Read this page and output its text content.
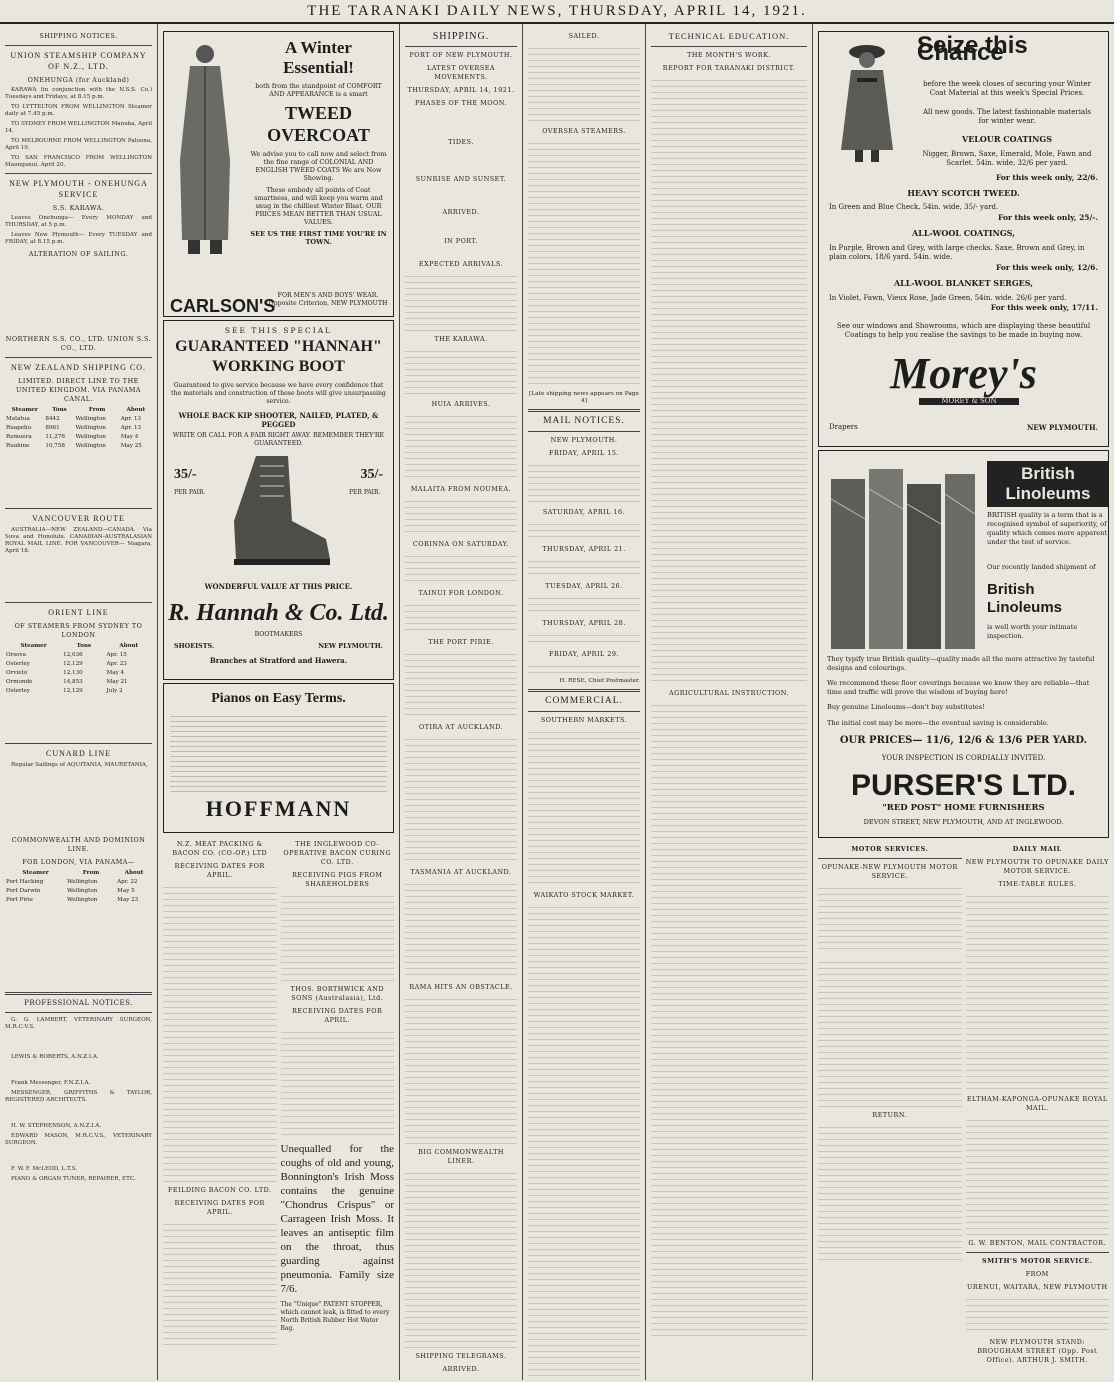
THE TARANAKI DAILY NEWS, THURSDAY, APRIL 14, 1921.
SHIPPING NOTICES.
UNION STEAMSHIP COMPANY OF N.Z., LTD.
ONEHUNGA (for Auckland)
KARAWA (in conjunction with the N.S.S. Co.) Tuesdays and Fridays, at 8.15 p.m.
TO LYTTELTON FROM WELLINGTON Steamer daily at 7.45 p.m.
TO SYDNEY FROM WELLINGTON Manuka, April 14.
TO MELBOURNE FROM WELLINGTON Paloona, April 19.
TO SAN FRANCISCO FROM WELLINGTON Maunganui, April 20.
NEW PLYMOUTH - ONEHUNGA SERVICE
S.S. KARAWA.
Leaves Onehunga— Every MONDAY and THURSDAY, at 5 p.m.
Leaves New Plymouth— Every TUESDAY and FRIDAY, at 8.15 p.m.
ALTERATION OF SAILING.
NORTHERN S.S. CO., LTD. UNION S.S. CO., LTD.
NEW ZEALAND SHIPPING CO.
LIMITED. DIRECT LINE TO THE UNITED KINGDOM. VIA PANAMA CANAL.
Steamer	Tons	From	About
Matatua	8442	Wellington	Apr. 13
Ruapehu	8961	Wellington	Apr. 13
Remuera	11,276	Wellington	May 4
Ruahine	10,758	Wellington	May 25
VANCOUVER ROUTE
AUSTRALIA—NEW ZEALAND—CANADA. Via Suva and Honolulu. CANADIAN-AUSTRALASIAN ROYAL MAIL LINE. FOR VANCOUVER— Niagara, April 18.
ORIENT LINE
OF STEAMERS FROM SYDNEY TO LONDON
Steamer	Tons	About
Orsova	12,036	Apr. 15
Osterley	12,129	Apr. 23
Orvieto	12,130	May 4
Ormonde	14,853	May 21
Osterley	12,129	July 2
CUNARD LINE
Regular Sailings of AQUITANIA, MAURETANIA,
COMMONWEALTH AND DOMINION LINE.
FOR LONDON, VIA PANAMA—
Steamer	From	About
Port Hacking	Wellington	Apr. 22
Port Darwin	Wellington	May 5
Port Pirie	Wellington	May 23
PROFESSIONAL NOTICES.
G. G. LAMBERT, VETERINARY SURGEON, M.R.C.V.S.
LEWIS & ROBERTS, A.N.Z.I.A.
Frank Messenger, F.N.Z.I.A.
MESSENGER, GRIFFITHS & TAYLOR, REGISTERED ARCHITECTS.
H. W. STEPHENSON, A.N.Z.I.A.
EDWARD MASON, M.R.C.V.S., VETERINARY SURGEON.
F. W. F. McLEOD, L.T.S.
PIANO & ORGAN TUNER, REPAIRER, ETC.
A Winter Essential!
both from the standpoint of COMFORT AND APPEARANCE is a smart
TWEED OVERCOAT
We advise you to call now and select from the fine range of COLONIAL AND ENGLISH TWEED COATS We are Now Showing.
These embody all points of Coat smartness, and will keep you warm and snug in the chilliest Winter Blast. OUR PRICES MEAN BETTER THAN USUAL VALUES.
SEE US THE FIRST TIME YOU'RE IN TOWN.
CARLSON'S
FOR MEN'S AND BOYS' WEAR. Opposite Criterion, NEW PLYMOUTH
SEE THIS SPECIAL
GUARANTEED "HANNAH" WORKING BOOT
Guaranteed to give service because we have every confidence that the materials and construction of these boots will give unsurpassing service.
WHOLE BACK KIP SHOOTER, NAILED, PLATED, & PEGGED
WRITE OR CALL FOR A FAIR RIGHT AWAY. REMEMBER THEY'RE GUARANTEED.
35/-
PER PAIR.
35/-
PER PAIR.
WONDERFUL VALUE AT THIS PRICE.
R. Hannah & Co. Ltd.
BOOTMAKERS
SHOEISTS.	NEW PLYMOUTH.
Branches at Stratford and Hawera.
Pianos on Easy Terms.
HOFFMANN
N.Z. MEAT PACKING & BACON CO. (CO-OP.) LTD
RECEIVING DATES FOR APRIL.
FEILDING BACON CO. LTD.
RECEIVING DATES FOR APRIL.
THE INGLEWOOD CO-OPERATIVE BACON CURING CO. LTD.
RECEIVING PIGS FROM SHAREHOLDERS
THOS. BORTHWICK AND SONS (Australasia), Ltd.
RECEIVING DATES FOR APRIL.
Unequalled for the coughs of old and young, Bonnington's Irish Moss contains the genuine "Chondrus Crispus" or Carrageen Irish Moss. It leaves an antiseptic film on the throat, thus guarding against pneumonia. Family size 7/6.
The "Unique" PATENT STOPPER, which cannot leak, is fitted to every North British Rubber Hot Water Bag.
SHIPPING.
PORT OF NEW PLYMOUTH.
LATEST OVERSEA MOVEMENTS.
THURSDAY, APRIL 14, 1921.
PHASES OF THE MOON.
TIDES.
SUNRISE AND SUNSET.
ARRIVED.
IN PORT.
EXPECTED ARRIVALS.
THE KARAWA.
HUIA ARRIVES.
MALAITA FROM NOUMEA.
CORINNA ON SATURDAY.
TAINUI FOR LONDON.
THE PORT PIRIE.
OTIRA AT AUCKLAND.
TASMANIA AT AUCKLAND.
RAMA HITS AN OBSTACLE.
BIG COMMONWEALTH LINER.
SHIPPING TELEGRAMS.
ARRIVED.
SAILED.
OVERSEA STEAMERS.
[Late shipping news appears on Page 4]
MAIL NOTICES.
NEW PLYMOUTH.
FRIDAY, APRIL 15.
SATURDAY, APRIL 16.
THURSDAY, APRIL 21.
TUESDAY, APRIL 26.
THURSDAY, APRIL 28.
FRIDAY, APRIL 29.
H. RESE, Chief Postmaster.
COMMERCIAL.
SOUTHERN MARKETS.
WAIKATO STOCK MARKET.
TECHNICAL EDUCATION.
THE MONTH'S WORK.
REPORT FOR TARANAKI DISTRICT.
AGRICULTURAL INSTRUCTION.
Seize this Chance
before the week closes of securing your Winter Coat Material at this week's Special Prices.
All new goods. The latest fashionable materials for winter wear.
VELOUR COATINGS
Nigger, Brown, Saxe, Emerald, Mole, Fawn and Scarlet. 54in. wide, 32/6 per yard.
For this week only, 22/6.
HEAVY SCOTCH TWEED.
In Green and Blue Check, 54in. wide, 35/- yard.
For this week only, 25/-.
ALL-WOOL COATINGS,
In Purple, Brown and Grey, with large checks. Saxe, Brown and Grey, in plain colors, 18/6 yard. 54in. wide.
For this week only, 12/6.
ALL-WOOL BLANKET SERGES,
In Violet, Fawn, Vieux Rose, Jade Green, 54in. wide. 26/6 per yard.
For this week only, 17/11.
See our windows and Showrooms, which are displaying these beautiful Coatings to help you realise the savings to be made in buying now.
Morey's
MOREY & SON
Drapers	NEW PLYMOUTH.
British Linoleums
BRITISH quality is a term that is a recognised symbol of superiority, of quality which comes more apparent under the test of service.
Our recently landed shipment of
British Linoleums
is well worth your intimate inspection.
They typify true British quality—quality made all the more attractive by tasteful designs and colourings.
We recommend these floor coverings because we know they are reliable—that time and traffic will prove the wisdom of buying here!
Buy genuine Linoleums—don't buy substitutes!
The initial cost may be more—the eventual saving is considerable.
OUR PRICES— 11/6, 12/6 & 13/6 PER YARD.
YOUR INSPECTION IS CORDIALLY INVITED.
PURSER'S LTD.
"RED POST" HOME FURNISHERS
DEVON STREET, NEW PLYMOUTH, AND AT INGLEWOOD.
MOTOR SERVICES.
OPUNAKE-NEW PLYMOUTH MOTOR SERVICE.
RETURN.
DAILY MAIL
NEW PLYMOUTH TO OPUNAKE DAILY MOTOR SERVICE.
TIME-TABLE RULES.
ELTHAM-KAPONGA-OPUNAKE ROYAL MAIL.
G. W. BENTON, MAIL CONTRACTOR.
SMITH'S MOTOR SERVICE.
FROM
URENUI, WAITARA, NEW PLYMOUTH
NEW PLYMOUTH STAND: BROUGHAM STREET (Opp. Post Office). ARTHUR J. SMITH.
